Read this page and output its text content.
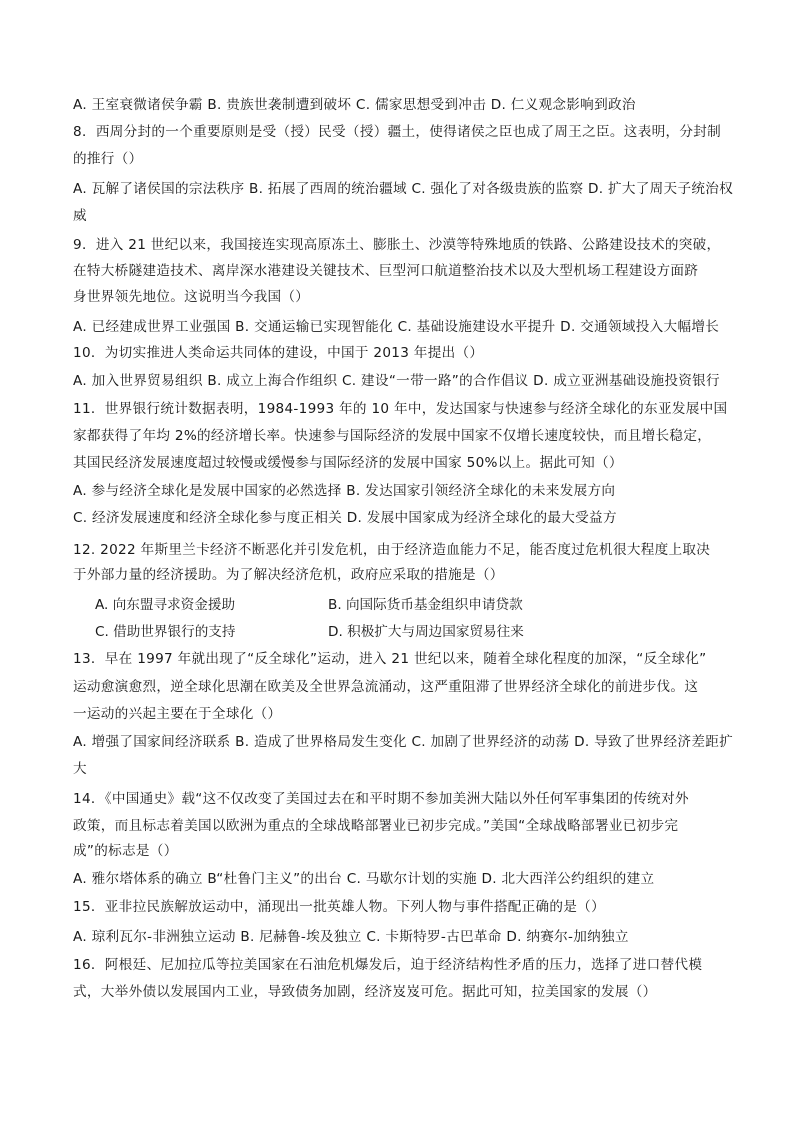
A. 王室衰微诸侯争霸 B. 贵族世袭制遭到破坏 C. 儒家思想受到冲击 D. 仁义观念影响到政治
8．西周分封的一个重要原则是受（授）民受（授）疆土，使得诸侯之臣也成了周王之臣。这表明，分封制
的推行（）
A. 瓦解了诸侯国的宗法秩序 B. 拓展了西周的统治疆域 C. 强化了对各级贵族的监察 D. 扩大了周天子统治权
威
9．进入 21 世纪以来，我国接连实现高原冻土、膨胀土、沙漠等特殊地质的铁路、公路建设技术的突破，
在特大桥隧建造技术、离岸深水港建设关键技术、巨型河口航道整治技术以及大型机场工程建设方面跻
身世界领先地位。这说明当今我国（）
A. 已经建成世界工业强国 B. 交通运输已实现智能化 C. 基础设施建设水平提升 D. 交通领域投入大幅增长
10．为切实推进人类命运共同体的建设，中国于 2013 年提出（）
A. 加入世界贸易组织 B. 成立上海合作组织 C. 建设“一带一路”的合作倡议 D. 成立亚洲基础设施投资银行
11．世界银行统计数据表明，1984-1993 年的 10 年中，发达国家与快速参与经济全球化的东亚发展中国
家都获得了年均 2%的经济增长率。快速参与国际经济的发展中国家不仅增长速度较快，而且增长稳定，
其国民经济发展速度超过较慢或缓慢参与国际经济的发展中国家 50%以上。据此可知（）
A. 参与经济全球化是发展中国家的必然选择 B. 发达国家引领经济全球化的未来发展方向
C. 经济发展速度和经济全球化参与度正相关 D. 发展中国家成为经济全球化的最大受益方
12. 2022 年斯里兰卡经济不断恶化并引发危机，由于经济造血能力不足，能否度过危机很大程度上取决
于外部力量的经济援助。为了解决经济危机，政府应采取的措施是（）
A. 向东盟寻求资金援助	B. 向国际货币基金组织申请贷款
C. 借助世界银行的支持	D. 积极扩大与周边国家贸易往来
13．早在 1997 年就出现了“反全球化”运动，进入 21 世纪以来，随着全球化程度的加深，“反全球化”
运动愈演愈烈，逆全球化思潮在欧美及全世界急流涌动，这严重阻滞了世界经济全球化的前进步伐。这
一运动的兴起主要在于全球化（）
A. 增强了国家间经济联系 B. 造成了世界格局发生变化 C. 加剧了世界经济的动荡 D. 导致了世界经济差距扩
大
14．《中国通史》载“这不仅改变了美国过去在和平时期不参加美洲大陆以外任何军事集团的传统对外
政策，而且标志着美国以欧洲为重点的全球战略部署业已初步完成。”美国“全球战略部署业已初步完
成”的标志是（）
A. 雅尔塔体系的确立 B“杜鲁门主义”的出台 C. 马歇尔计划的实施 D. 北大西洋公约组织的建立
15．亚非拉民族解放运动中，涌现出一批英雄人物。下列人物与事件搭配正确的是（）
A. 琼利瓦尔-非洲独立运动 B. 尼赫鲁-埃及独立 C. 卡斯特罗-古巴革命 D. 纳赛尔-加纳独立
16．阿根廷、尼加拉瓜等拉美国家在石油危机爆发后，迫于经济结构性矛盾的压力，选择了进口替代模
式，大举外债以发展国内工业，导致债务加剧，经济岌岌可危。据此可知，拉美国家的发展（）
